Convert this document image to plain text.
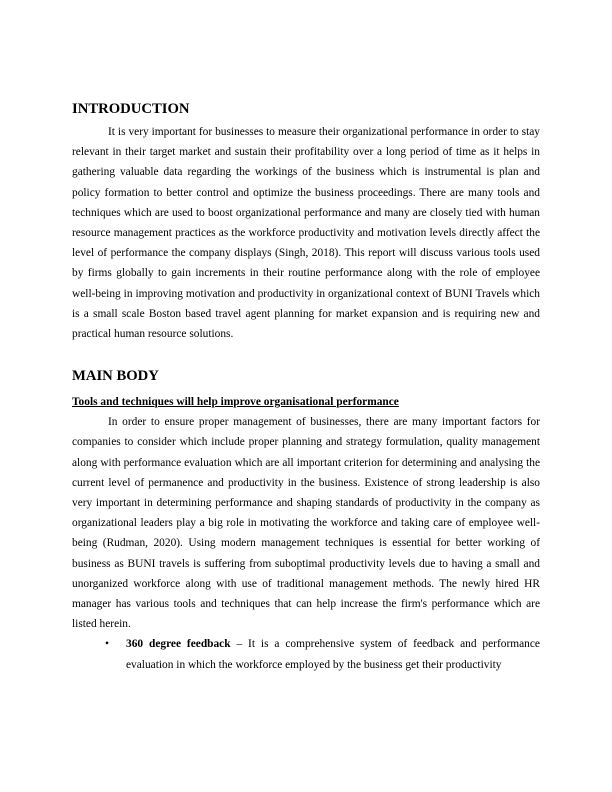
INTRODUCTION

It is very important for businesses to measure their organizational performance in order to stay relevant in their target market and sustain their profitability over a long period of time as it helps in gathering valuable data regarding the workings of the business which is instrumental is plan and policy formation to better control and optimize the business proceedings. There are many tools and techniques which are used to boost organizational performance and many are closely tied with human resource management practices as the workforce productivity and motivation levels directly affect the level of performance the company displays (Singh, 2018). This report will discuss various tools used by firms globally to gain increments in their routine performance along with the role of employee well-being in improving motivation and productivity in organizational context of BUNI Travels which is a small scale Boston based travel agent planning for market expansion and is requiring new and practical human resource solutions.

MAIN BODY
Tools and techniques will help improve organisational performance

In order to ensure proper management of businesses, there are many important factors for companies to consider which include proper planning and strategy formulation, quality management along with performance evaluation which are all important criterion for determining and analysing the current level of permanence and productivity in the business. Existence of strong leadership is also very important in determining performance and shaping standards of productivity in the company as organizational leaders play a big role in motivating the workforce and taking care of employee well-being (Rudman, 2020). Using modern management techniques is essential for better working of business as BUNI travels is suffering from suboptimal productivity levels due to having a small and unorganized workforce along with use of traditional management methods. The newly hired HR manager has various tools and techniques that can help increase the firm's performance which are listed herein.

• 360 degree feedback – It is a comprehensive system of feedback and performance evaluation in which the workforce employed by the business get their productivity
